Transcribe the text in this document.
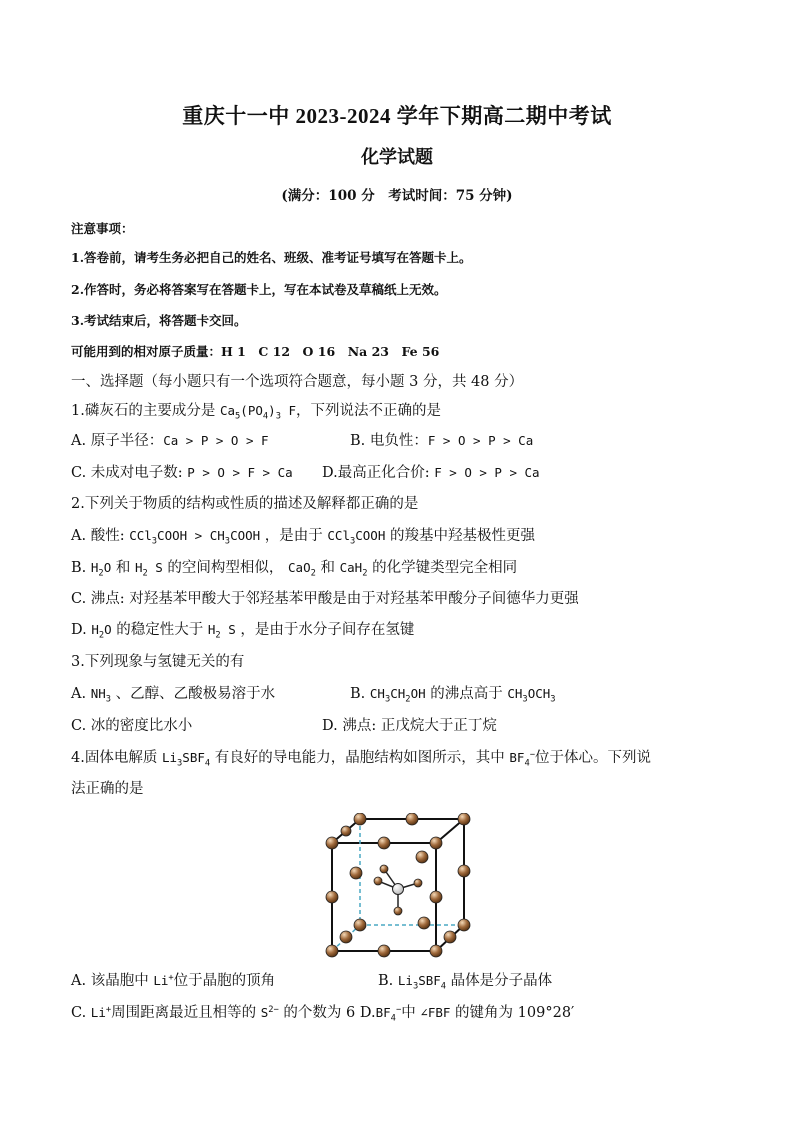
重庆十一中 2023-2024 学年下期高二期中考试
化学试题
(满分：100 分　考试时间：75 分钟)
注意事项：
1.答卷前，请考生务必把自己的姓名、班级、准考证号填写在答题卡上。
2.作答时，务必将答案写在答题卡上，写在本试卷及草稿纸上无效。
3.考试结束后，将答题卡交回。
可能用到的相对原子质量：H 1　C 12　O 16　Na 23　Fe 56
一、选择题（每小题只有一个选项符合题意，每小题 3 分，共 48 分）
1.磷灰石的主要成分是 $Ca_5(PO_4)_3$ F，下列说法不正确的是
A. 原子半径：Ca > P > O > F	B. 电负性：F > O > P > Ca
C. 未成对电子数: P > O > F > Ca D.最高正化合价: F > O > P > Ca
2.下列关于物质的结构或性质的描述及解释都正确的是
A. 酸性: CCl$_3$COOH > $CH_3COOH$ ，是由于 CCl$_3$COOH 的羧基中羟基极性更强
B. $H_2O$ 和 $H_2$ S 的空间构型相似， CaO$_2$ 和 CaH$_2$ 的化学键类型完全相同
C. 沸点: 对羟基苯甲酸大于邻羟基苯甲酸是由于对羟基苯甲酸分子间德华力更强
D. $H_2O$ 的稳定性大于 $H_2$ S ，是由于水分子间存在氢键
3.下列现象与氢键无关的有
A. $NH_3$ 、乙醇、乙酸极易溶于水	B. $CH_3CH_2OH$ 的沸点高于 $CH_3OCH_3$
C. 冰的密度比水小	D. 沸点: 正戊烷大于正丁烷
4.固体电解质 $Li_3SBF_4$ 有良好的导电能力，晶胞结构如图所示，其中 $BF_4^-$位于体心。下列说
法正确的是
A. 该晶胞中 Li+位于晶胞的顶角	B. $Li_3SBF_4$ 晶体是分子晶体
C. Li+周围距离最近且相等的 $S^{2-}$ 的个数为 6 $D.BF_4^-$中 ∠FBF 的键角为 109°28′
